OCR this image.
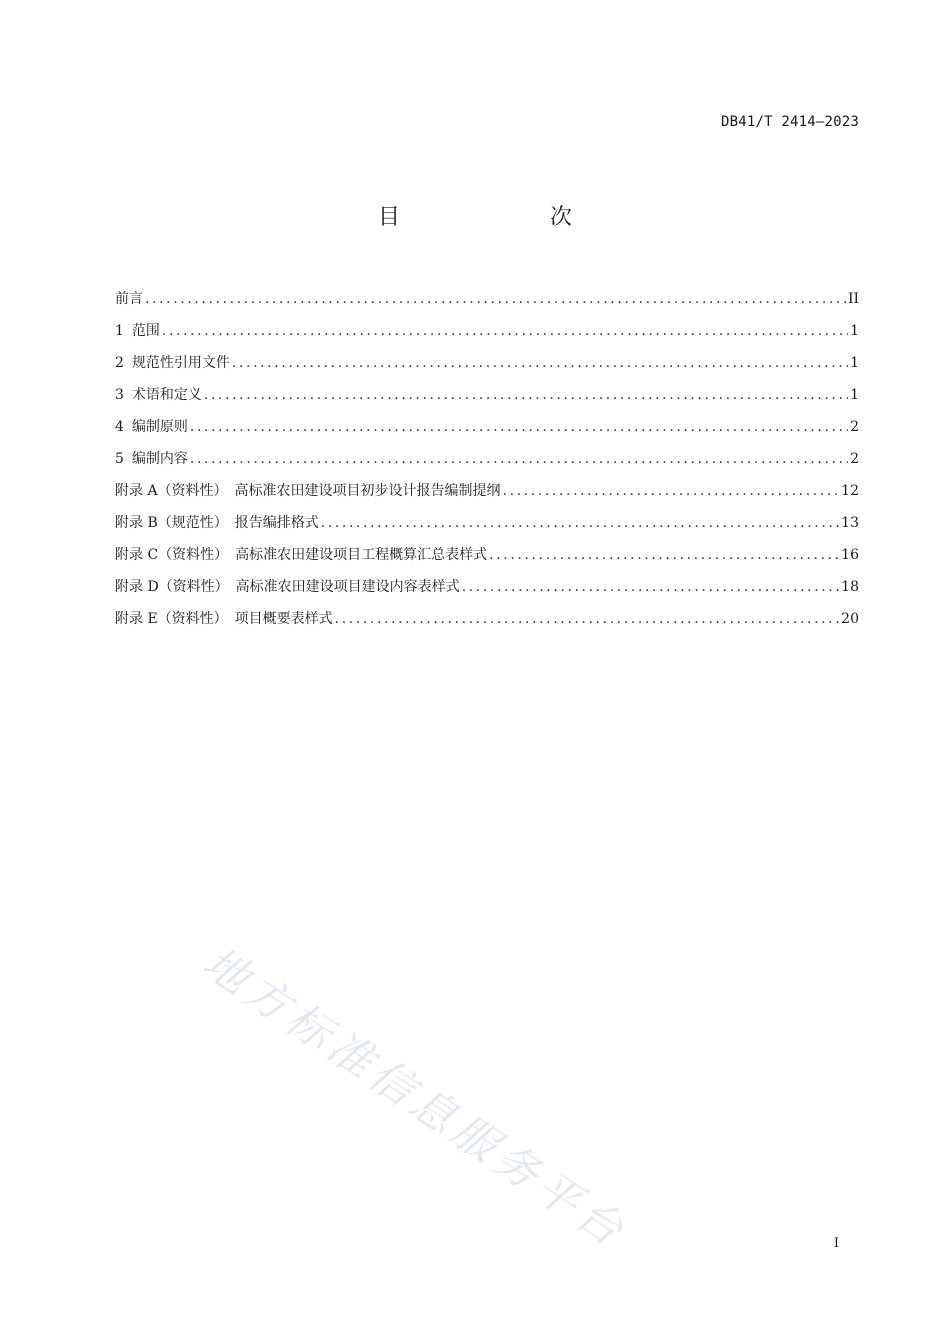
DB41/T 2414—2023
目　次
前言 .....	II
1 范围 .....	1
2 规范性引用文件 .....	1
3 术语和定义 .....	1
4 编制原则 .....	2
5 编制内容 .....	2
附录 A（资料性）　高标准农田建设项目初步设计报告编制提纲 .....	12
附录 B（规范性）　报告编排格式 .....	13
附录 C（资料性）　高标准农田建设项目工程概算汇总表样式 .....	16
附录 D（资料性）　高标准农田建设项目建设内容表样式 .....	18
附录 E（资料性）　项目概要表样式 .....	20
地方标准信息服务平台	I
